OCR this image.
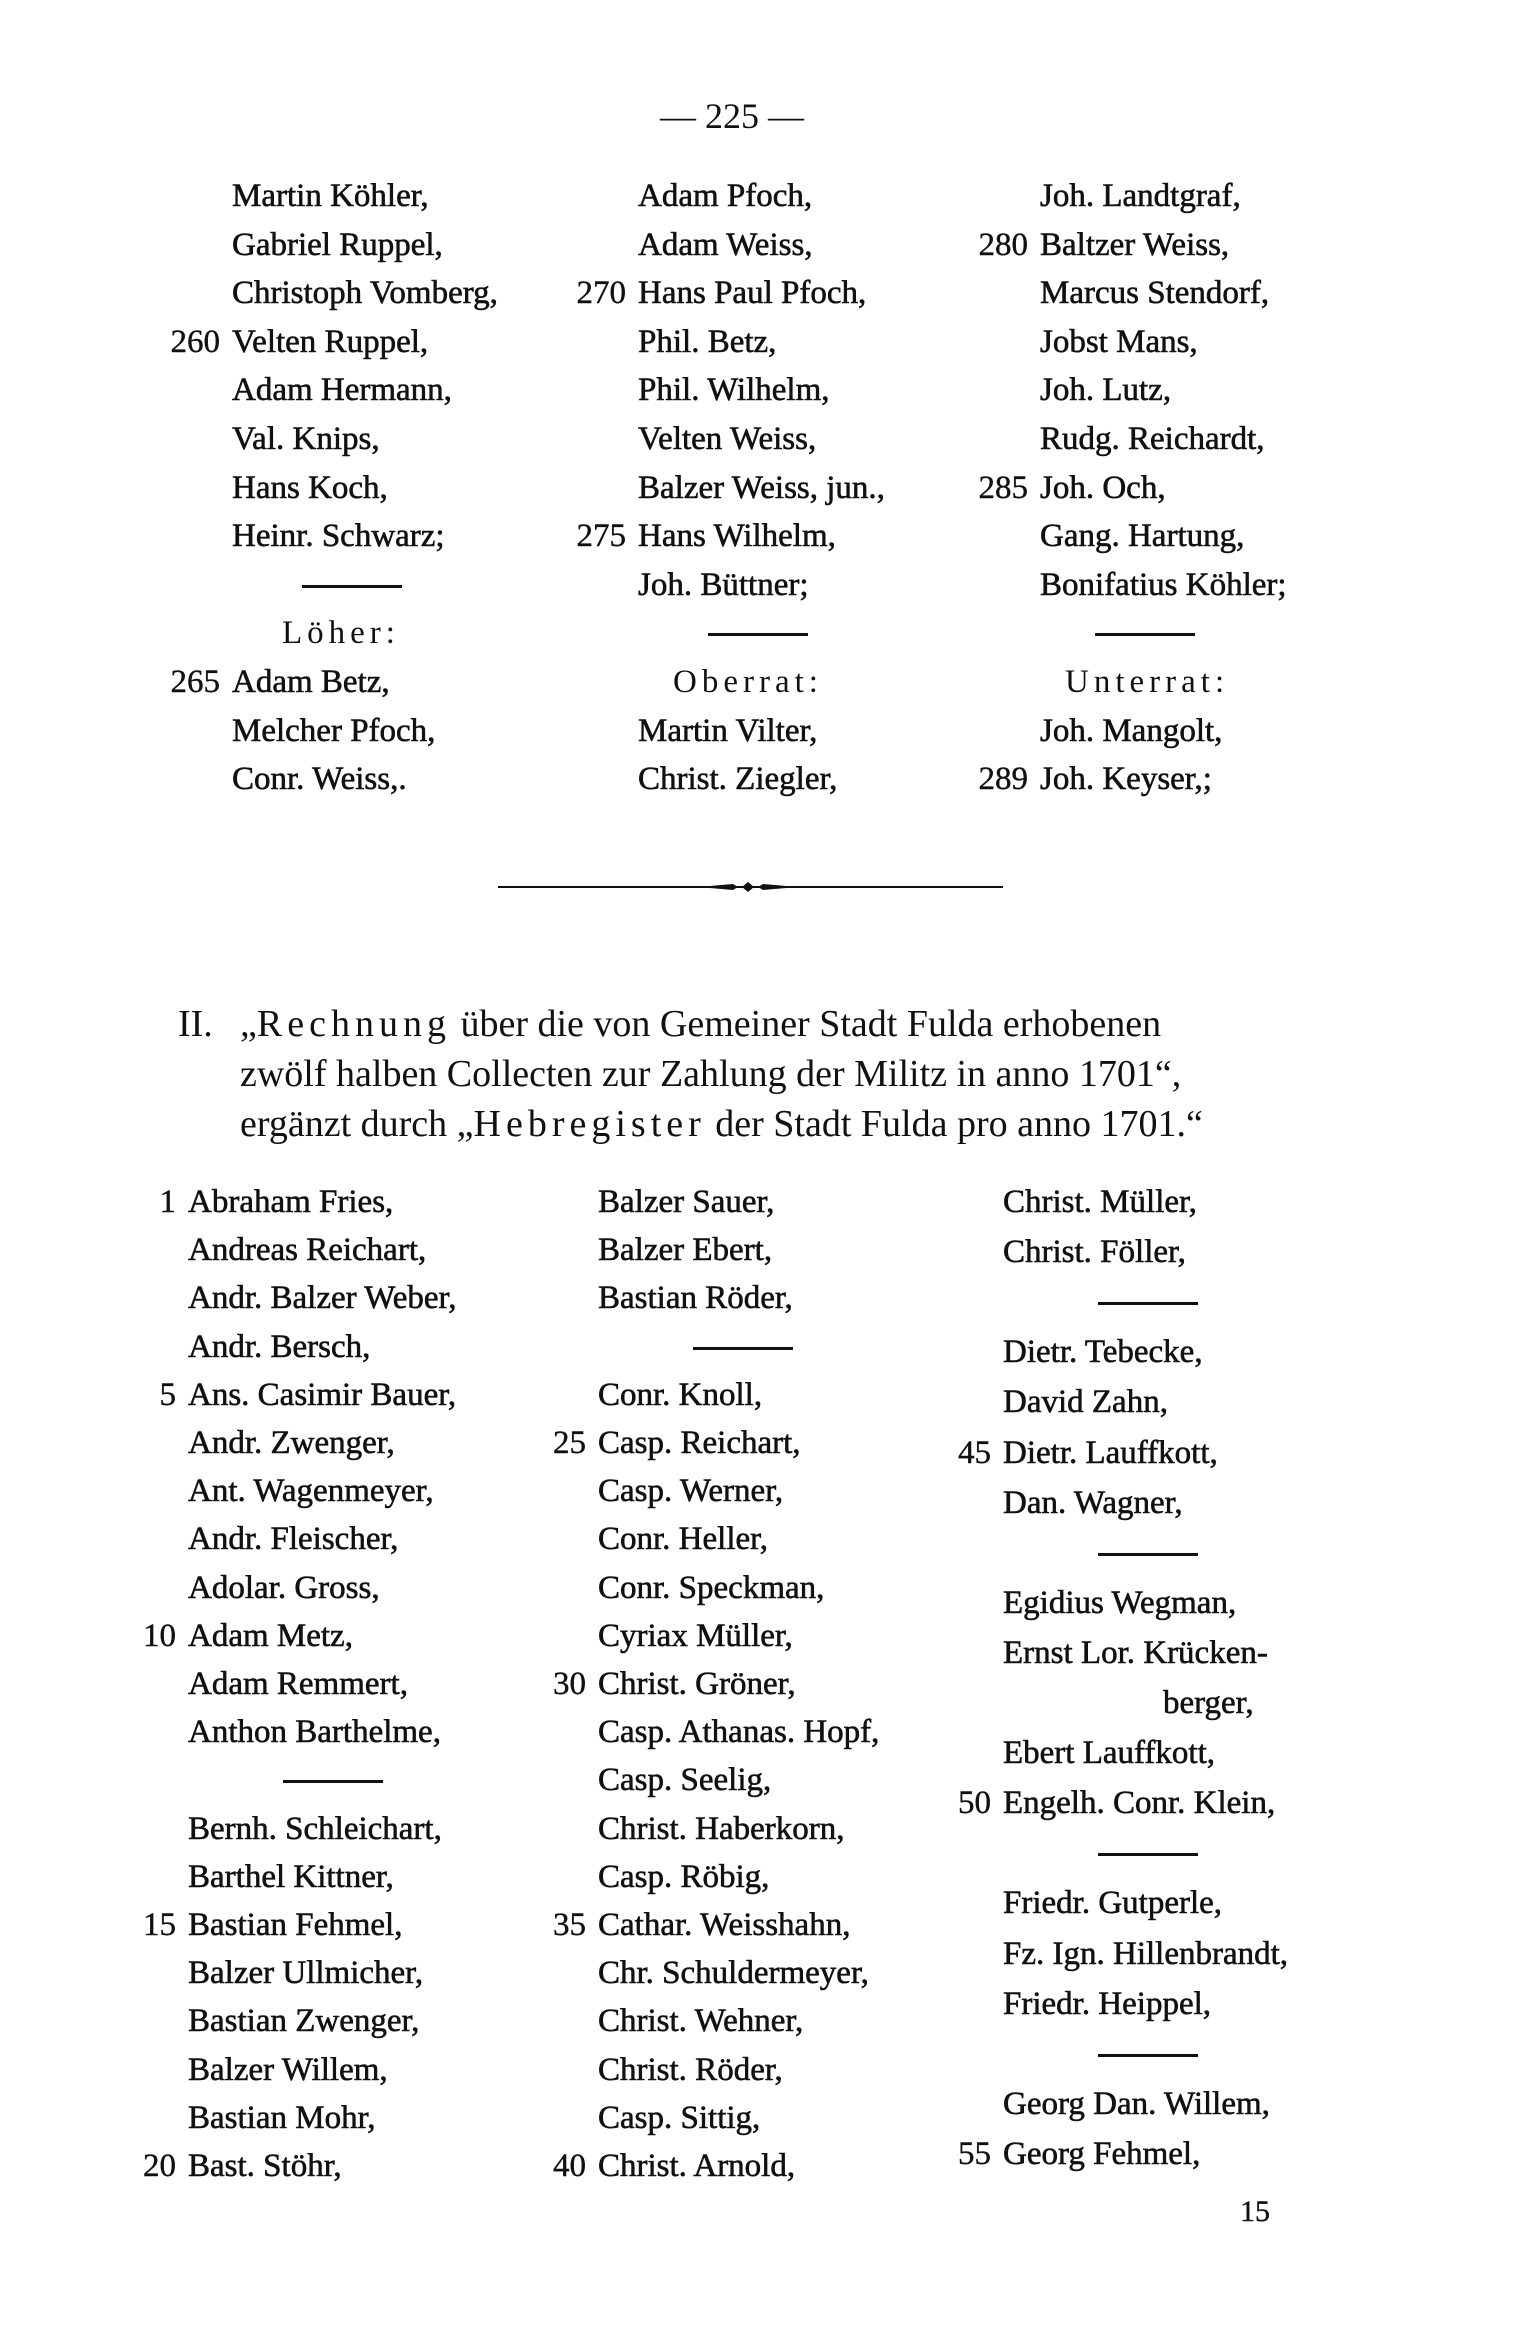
— 225 —
Martin Köhler,
Gabriel Ruppel,
Christoph Vomberg,
260 Velten Ruppel,
Adam Hermann,
Val. Knips,
Hans Koch,
Heinr. Schwarz;
Löher:
265 Adam Betz,
Melcher Pfoch,
Conr. Weiss,.
Adam Pfoch,
Adam Weiss,
270 Hans Paul Pfoch,
Phil. Betz,
Phil. Wilhelm,
Velten Weiss,
Balzer Weiss, jun.,
275 Hans Wilhelm,
Joh. Büttner;
Oberrat:
Martin Vilter,
Christ. Ziegler,
Joh. Landtgraf,
280 Baltzer Weiss,
Marcus Stendorf,
Jobst Mans,
Joh. Lutz,
Rudg. Reichardt,
285 Joh. Och,
Gang. Hartung,
Bonifatius Köhler;
Unterrat:
Joh. Mangolt,
289 Joh. Keyser,;
II. „Rechnung über die von Gemeiner Stadt Fulda erhobenen
zwölf halben Collecten zur Zahlung der Militz in anno 1701“,
ergänzt durch „Hebregister der Stadt Fulda pro anno 1701.“
1 Abraham Fries,
Andreas Reichart,
Andr. Balzer Weber,
Andr. Bersch,
5 Ans. Casimir Bauer,
Andr. Zwenger,
Ant. Wagenmeyer,
Andr. Fleischer,
Adolar. Gross,
10 Adam Metz,
Adam Remmert,
Anthon Barthelme,
Bernh. Schleichart,
Barthel Kittner,
15 Bastian Fehmel,
Balzer Ullmicher,
Bastian Zwenger,
Balzer Willem,
Bastian Mohr,
20 Bast. Stöhr,
Balzer Sauer,
Balzer Ebert,
Bastian Röder,
Conr. Knoll,
25 Casp. Reichart,
Casp. Werner,
Conr. Heller,
Conr. Speckman,
Cyriax Müller,
30 Christ. Gröner,
Casp. Athanas. Hopf,
Casp. Seelig,
Christ. Haberkorn,
Casp. Röbig,
35 Cathar. Weisshahn,
Chr. Schuldermeyer,
Christ. Wehner,
Christ. Röder,
Casp. Sittig,
40 Christ. Arnold,
Christ. Müller,
Christ. Föller,
Dietr. Tebecke,
David Zahn,
45 Dietr. Lauffkott,
Dan. Wagner,
Egidius Wegman,
Ernst Lor. Krücken-
berger,
Ebert Lauffkott,
50 Engelh. Conr. Klein,
Friedr. Gutperle,
Fz. Ign. Hillenbrandt,
Friedr. Heippel,
Georg Dan. Willem,
55 Georg Fehmel,
15
